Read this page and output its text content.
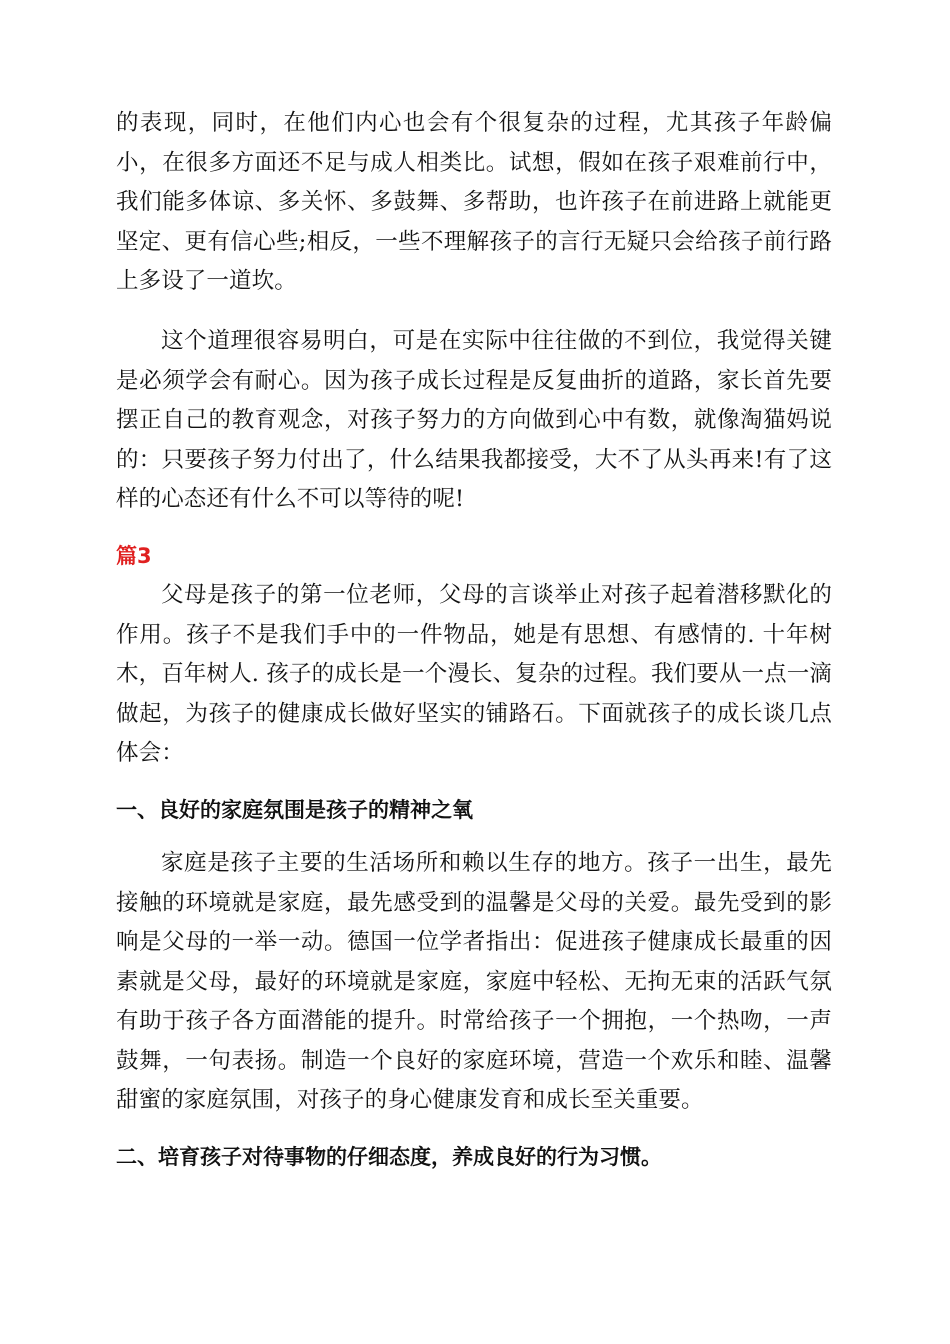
的表现，同时，在他们内心也会有个很复杂的过程，尤其孩子年龄偏小，在很多方面还不足与成人相类比。试想，假如在孩子艰难前行中，我们能多体谅、多关怀、多鼓舞、多帮助，也许孩子在前进路上就能更坚定、更有信心些;相反，一些不理解孩子的言行无疑只会给孩子前行路上多设了一道坎。

这个道理很容易明白，可是在实际中往往做的不到位，我觉得关键是必须学会有耐心。因为孩子成长过程是反复曲折的道路，家长首先要摆正自己的教育观念，对孩子努力的方向做到心中有数，就像淘猫妈说的：只要孩子努力付出了，什么结果我都接受，大不了从头再来!有了这样的心态还有什么不可以等待的呢!

篇3

父母是孩子的第一位老师，父母的言谈举止对孩子起着潜移默化的作用。孩子不是我们手中的一件物品，她是有思想、有感情的. 十年树木，百年树人. 孩子的成长是一个漫长、复杂的过程。我们要从一点一滴做起，为孩子的健康成长做好坚实的铺路石。下面就孩子的成长谈几点体会：

一、良好的家庭氛围是孩子的精神之氧

家庭是孩子主要的生活场所和赖以生存的地方。孩子一出生，最先接触的环境就是家庭，最先感受到的温馨是父母的关爱。最先受到的影响是父母的一举一动。德国一位学者指出：促进孩子健康成长最重的因素就是父母，最好的环境就是家庭，家庭中轻松、无拘无束的活跃气氛有助于孩子各方面潜能的提升。时常给孩子一个拥抱，一个热吻，一声鼓舞，一句表扬。制造一个良好的家庭环境，营造一个欢乐和睦、温馨甜蜜的家庭氛围，对孩子的身心健康发育和成长至关重要。

二、培育孩子对待事物的仔细态度，养成良好的行为习惯。
